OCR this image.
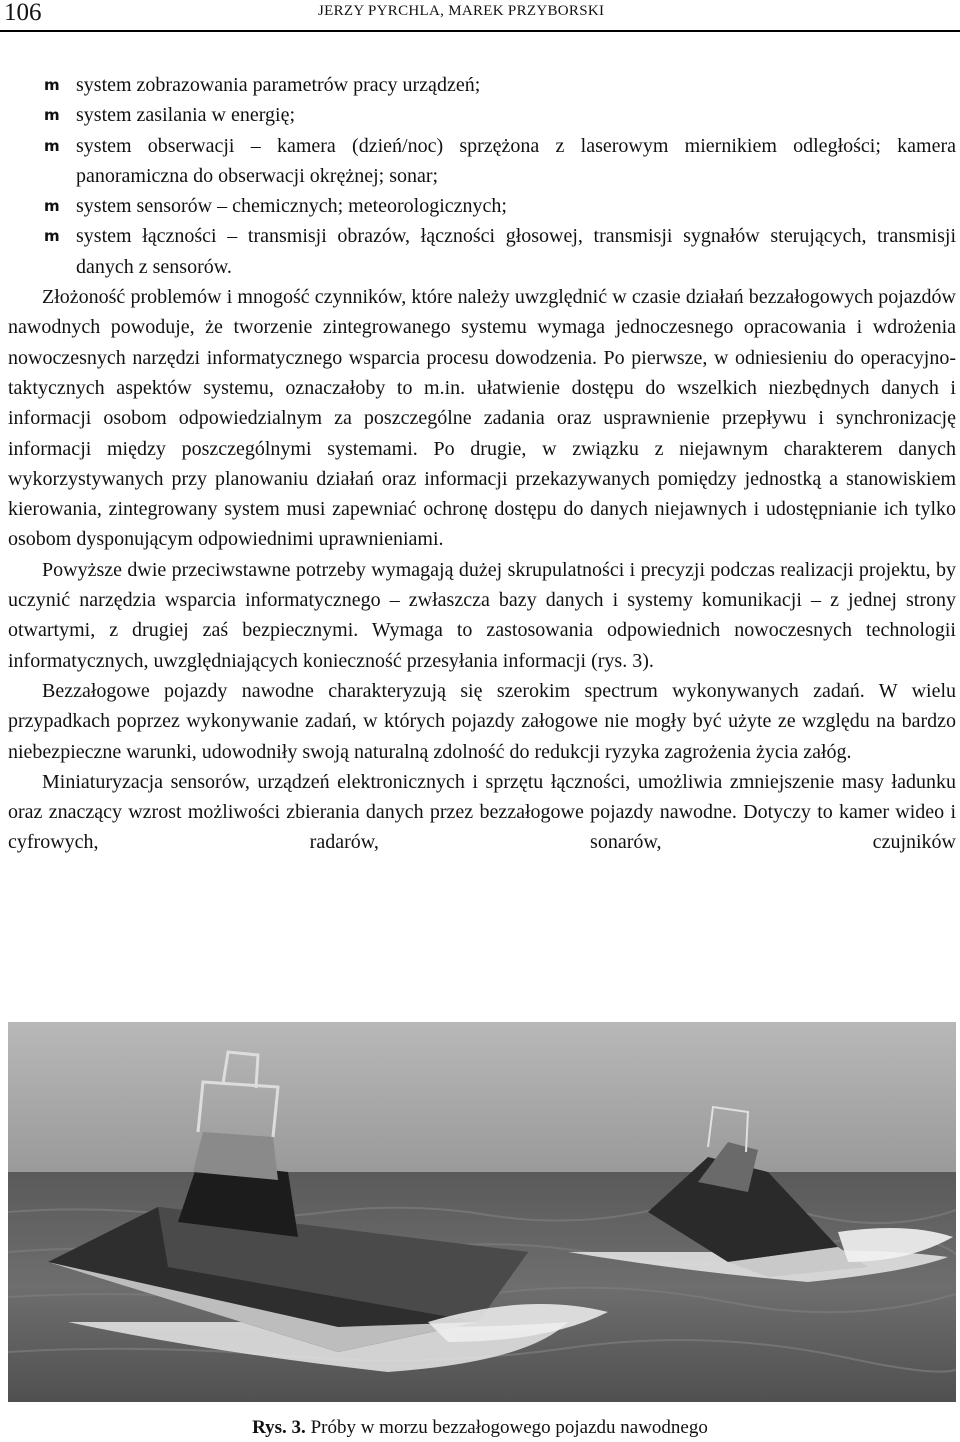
106	JERZY PYRCHLA, MAREK PRZYBORSKI
m system zobrazowania parametrów pracy urządzeń;
m system zasilania w energię;
m system obserwacji – kamera (dzień/noc) sprzężona z laserowym miernikiem odległości; kamera panoramiczna do obserwacji okrężnej; sonar;
m system sensorów – chemicznych; meteorologicznych;
m system łączności – transmisji obrazów, łączności głosowej, transmisji sygnałów sterujących, transmisji danych z sensorów.

Złożoność problemów i mnogość czynników, które należy uwzględnić w czasie działań bezzałogowych pojazdów nawodnych powoduje, że tworzenie zintegrowanego systemu wymaga jednoczesnego opracowania i wdrożenia nowoczesnych narzędzi informatycznego wsparcia procesu dowodzenia. Po pierwsze, w odniesieniu do operacyjno-taktycznych aspektów systemu, oznaczałoby to m.in. ułatwienie dostępu do wszelkich niezbędnych danych i informacji osobom odpowiedzialnym za poszczególne zadania oraz usprawnienie przepływu i synchronizację informacji między poszczególnymi systemami. Po drugie, w związku z niejawnym charakterem danych wykorzystywanych przy planowaniu działań oraz informacji przekazywanych pomiędzy jednostką a stanowiskiem kierowania, zintegrowany system musi zapewniać ochronę dostępu do danych niejawnych i udostępnianie ich tylko osobom dysponującym odpowiednimi uprawnieniami.

Powyższe dwie przeciwstawne potrzeby wymagają dużej skrupulatności i precyzji podczas realizacji projektu, by uczynić narzędzia wsparcia informatycznego – zwłaszcza bazy danych i systemy komunikacji – z jednej strony otwartymi, z drugiej zaś bezpiecznymi. Wymaga to zastosowania odpowiednich nowoczesnych technologii informatycznych, uwzględniających konieczność przesyłania informacji (rys. 3).

Bezzałogowe pojazdy nawodne charakteryzują się szerokim spectrum wykonywanych zadań. W wielu przypadkach poprzez wykonywanie zadań, w których pojazdy załogowe nie mogły być użyte ze względu na bardzo niebezpieczne warunki, udowodniły swoją naturalną zdolność do redukcji ryzyka zagrożenia życia załóg.

Miniaturyzacja sensorów, urządzeń elektronicznych i sprzętu łączności, umożliwia zmniejszenie masy ładunku oraz znaczący wzrost możliwości zbierania danych przez bezzałogowe pojazdy nawodne. Dotyczy to kamer wideo i cyfrowych, radarów, sonarów, czujników

Rys. 3. Próby w morzu bezzałogowego pojazdu nawodnego
